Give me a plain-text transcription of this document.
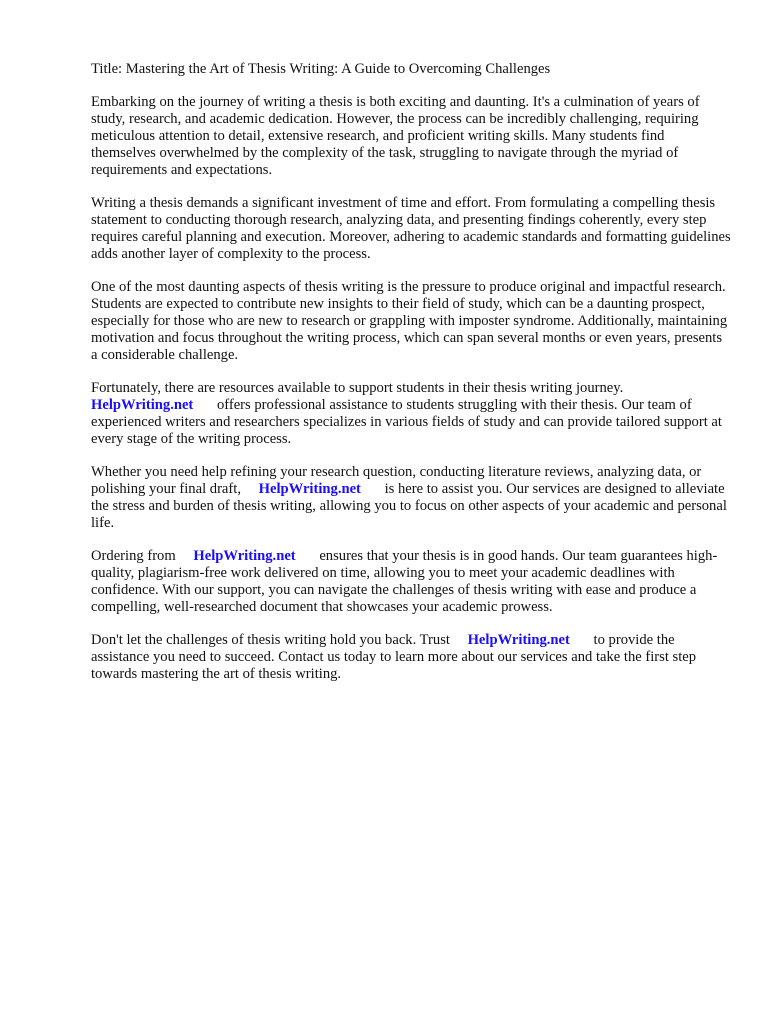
Title: Mastering the Art of Thesis Writing: A Guide to Overcoming Challenges

Embarking on the journey of writing a thesis is both exciting and daunting. It's a culmination of years of study, research, and academic dedication. However, the process can be incredibly challenging, requiring meticulous attention to detail, extensive research, and proficient writing skills. Many students find themselves overwhelmed by the complexity of the task, struggling to navigate through the myriad of requirements and expectations.

Writing a thesis demands a significant investment of time and effort. From formulating a compelling thesis statement to conducting thorough research, analyzing data, and presenting findings coherently, every step requires careful planning and execution. Moreover, adhering to academic standards and formatting guidelines adds another layer of complexity to the process.

One of the most daunting aspects of thesis writing is the pressure to produce original and impactful research. Students are expected to contribute new insights to their field of study, which can be a daunting prospect, especially for those who are new to research or grappling with imposter syndrome. Additionally, maintaining motivation and focus throughout the writing process, which can span several months or even years, presents a considerable challenge.

Fortunately, there are resources available to support students in their thesis writing journey.
HelpWriting.net offers professional assistance to students struggling with their thesis. Our team of experienced writers and researchers specializes in various fields of study and can provide tailored support at every stage of the writing process.

Whether you need help refining your research question, conducting literature reviews, analyzing data, or polishing your final draft, HelpWriting.net is here to assist you. Our services are designed to alleviate the stress and burden of thesis writing, allowing you to focus on other aspects of your academic and personal life.

Ordering from HelpWriting.net ensures that your thesis is in good hands. Our team guarantees high-quality, plagiarism-free work delivered on time, allowing you to meet your academic deadlines with confidence. With our support, you can navigate the challenges of thesis writing with ease and produce a compelling, well-researched document that showcases your academic prowess.

Don't let the challenges of thesis writing hold you back. Trust HelpWriting.net to provide the assistance you need to succeed. Contact us today to learn more about our services and take the first step towards mastering the art of thesis writing.
